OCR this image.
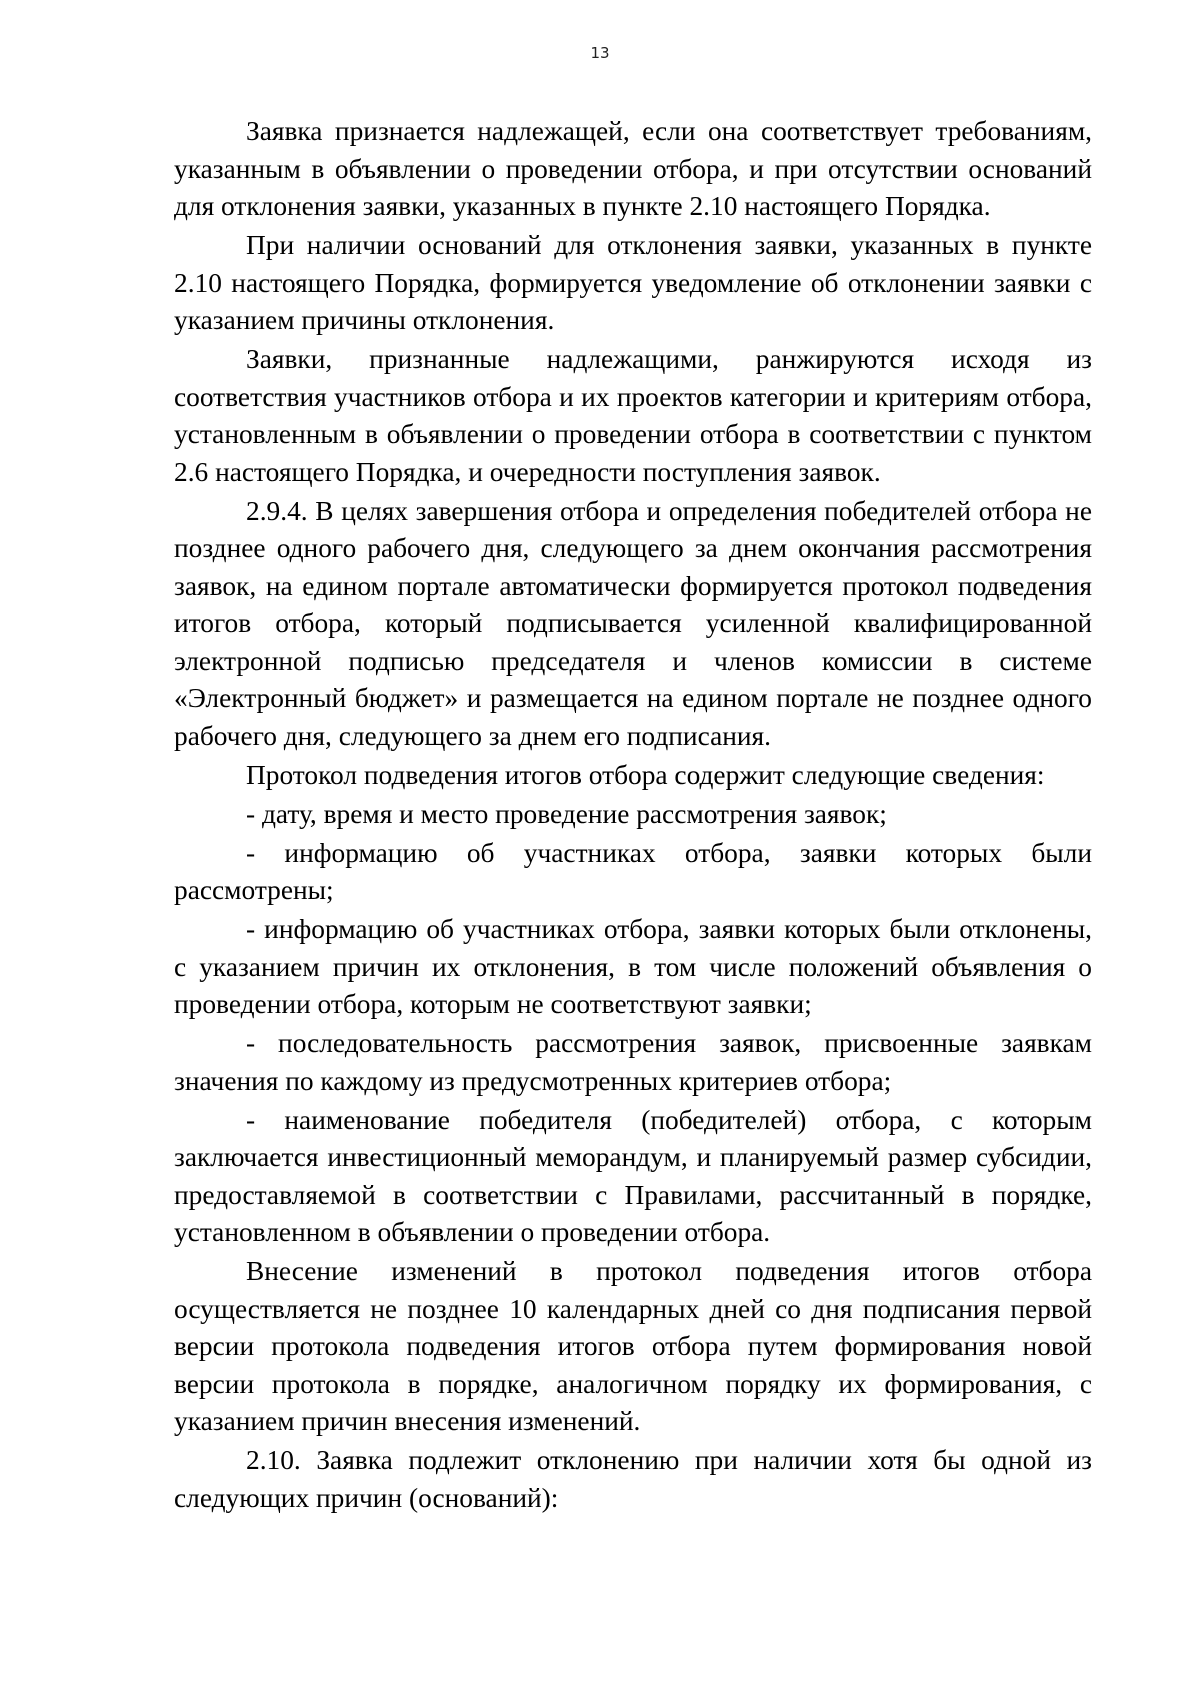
13

Заявка признается надлежащей, если она соответствует требованиям, указанным в объявлении о проведении отбора, и при отсутствии оснований для отклонения заявки, указанных в пункте 2.10 настоящего Порядка.

При наличии оснований для отклонения заявки, указанных в пункте 2.10 настоящего Порядка, формируется уведомление об отклонении заявки с указанием причины отклонения.

Заявки, признанные надлежащими, ранжируются исходя из соответствия участников отбора и их проектов категории и критериям отбора, установленным в объявлении о проведении отбора в соответствии с пунктом 2.6 настоящего Порядка, и очередности поступления заявок.

2.9.4. В целях завершения отбора и определения победителей отбора не позднее одного рабочего дня, следующего за днем окончания рассмотрения заявок, на едином портале автоматически формируется протокол подведения итогов отбора, который подписывается усиленной квалифицированной электронной подписью председателя и членов комиссии в системе «Электронный бюджет» и размещается на едином портале не позднее одного рабочего дня, следующего за днем его подписания.

Протокол подведения итогов отбора содержит следующие сведения:

- дату, время и место проведение рассмотрения заявок;

- информацию об участниках отбора, заявки которых были рассмотрены;

- информацию об участниках отбора, заявки которых были отклонены, с указанием причин их отклонения, в том числе положений объявления о проведении отбора, которым не соответствуют заявки;

- последовательность рассмотрения заявок, присвоенные заявкам значения по каждому из предусмотренных критериев отбора;

- наименование победителя (победителей) отбора, с которым заключается инвестиционный меморандум, и планируемый размер субсидии, предоставляемой в соответствии с Правилами, рассчитанный в порядке, установленном в объявлении о проведении отбора.

Внесение изменений в протокол подведения итогов отбора осуществляется не позднее 10 календарных дней со дня подписания первой версии протокола подведения итогов отбора путем формирования новой версии протокола в порядке, аналогичном порядку их формирования, с указанием причин внесения изменений.

2.10. Заявка подлежит отклонению при наличии хотя бы одной из следующих причин (оснований):
